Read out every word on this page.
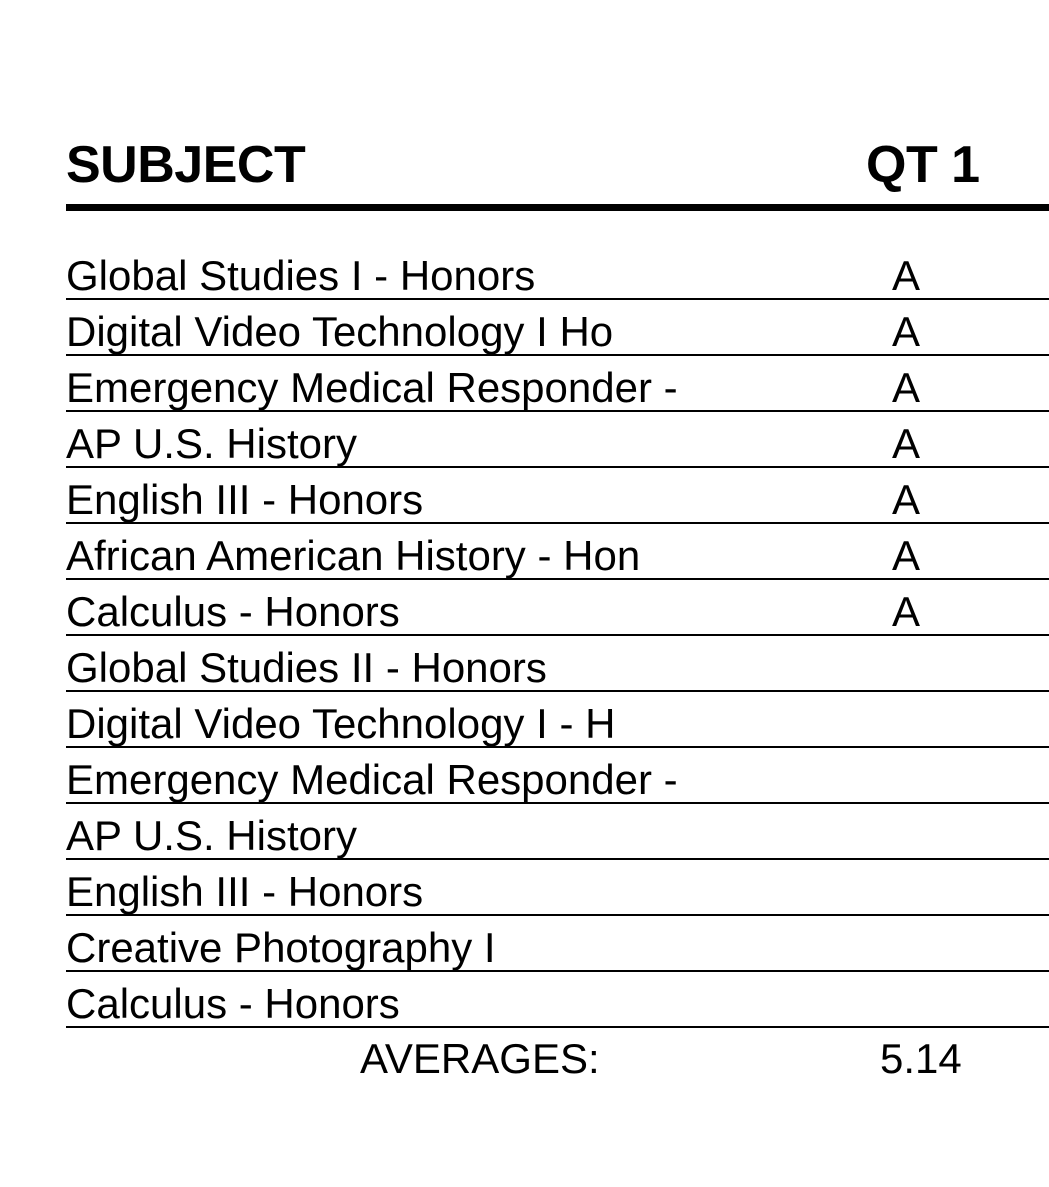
SUBJECT	QT 1
Global Studies I - Honors	A
Digital Video Technology I Ho	A
Emergency Medical Responder -	A
AP U.S. History	A
English III - Honors	A
African American History - Hon	A
Calculus - Honors	A
Global Studies II - Honors
Digital Video Technology I - H
Emergency Medical Responder -
AP U.S. History
English III - Honors
Creative Photography I
Calculus - Honors
AVERAGES:	5.14
